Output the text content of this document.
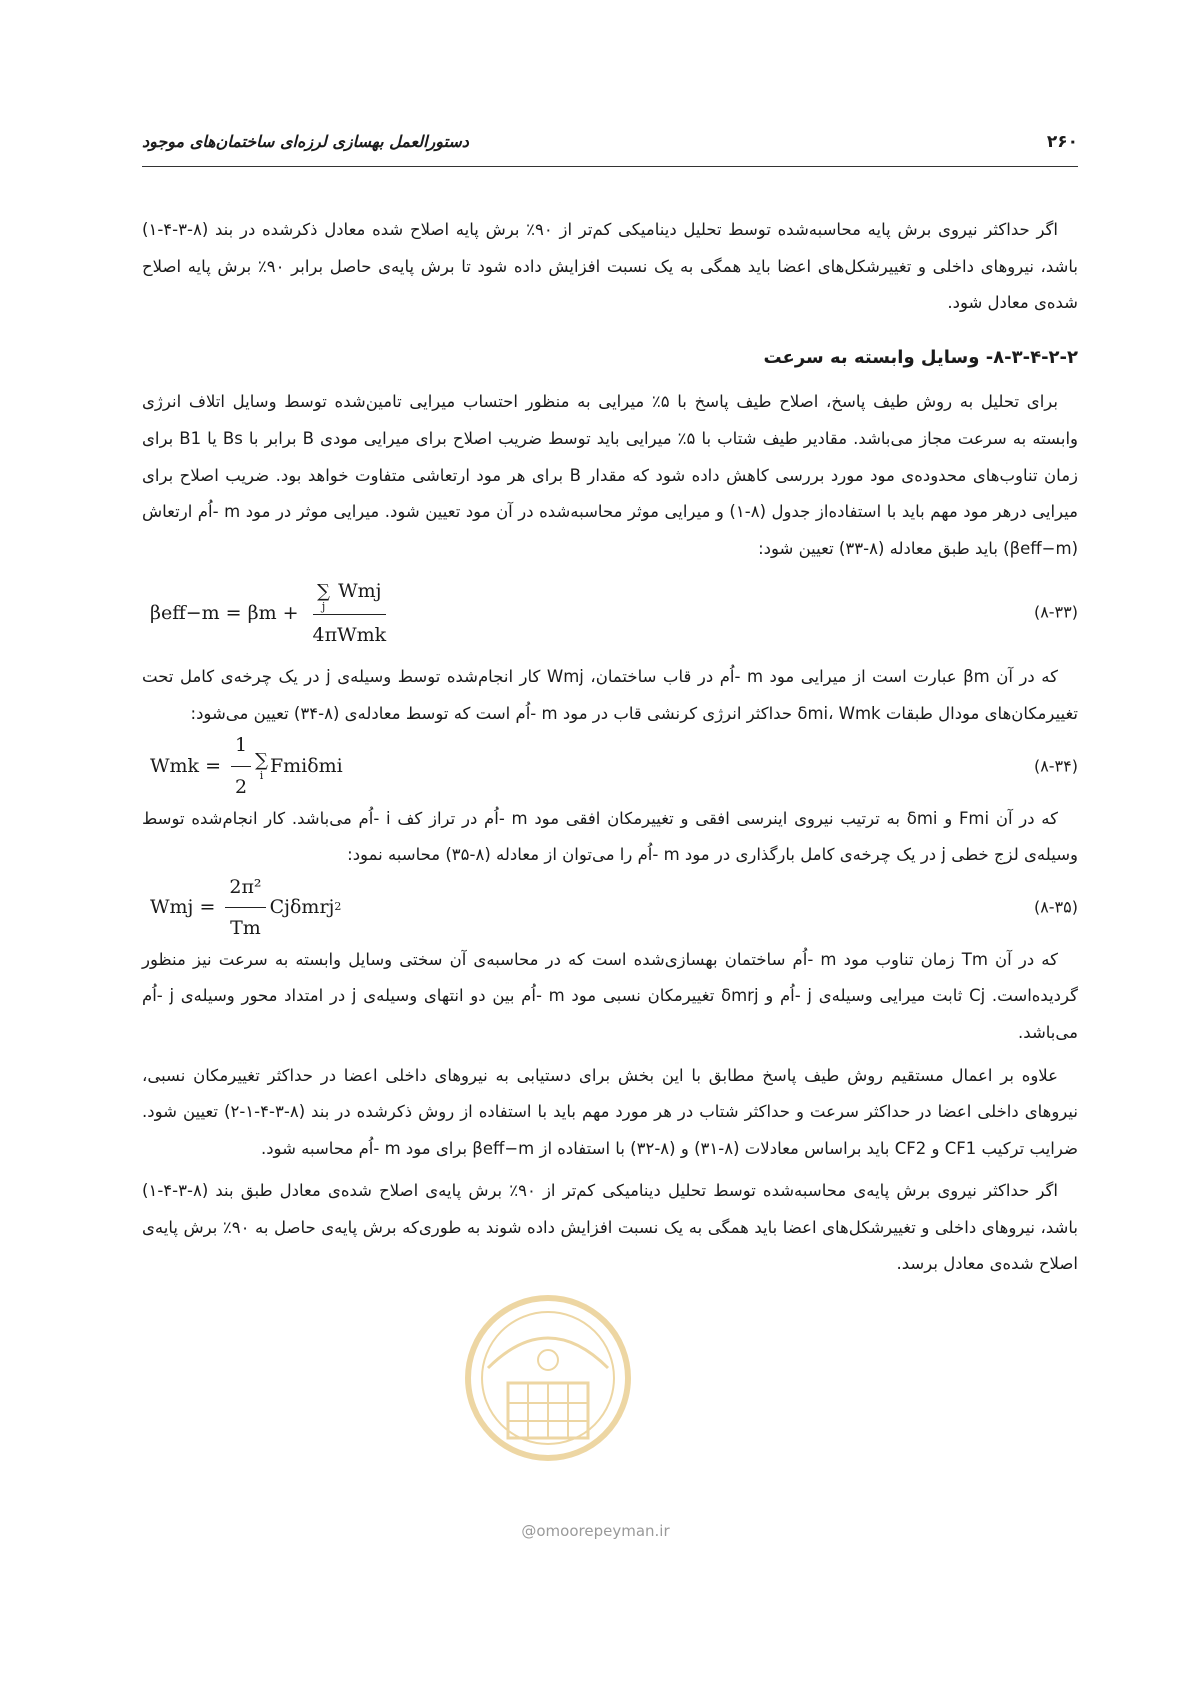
۲۶۰
دستورالعمل بهسازی لرزه‌ای ساختمان‌های موجود

اگر حداکثر نیروی برش پایه محاسبه‌شده توسط تحلیل دینامیکی کم‌تر از ۹۰٪ برش پایه اصلاح شده معادل ذکرشده در بند (۸-۳-۴-۱) باشد، نیروهای داخلی و تغییرشکل‌های اعضا باید همگی به یک نسبت افزایش داده شود تا برش پایه‌ی حاصل برابر ۹۰٪ برش پایه اصلاح شده‌ی معادل شود.

۸-۳-۴-۲-۲- وسایل وابسته به سرعت

برای تحلیل به روش طیف پاسخ، اصلاح طیف پاسخ با ۵٪ میرایی به منظور احتساب میرایی تامین‌شده توسط وسایل اتلاف انرژی وابسته به سرعت مجاز می‌باشد. مقادیر طیف شتاب با ۵٪ میرایی باید توسط ضریب اصلاح برای میرایی مودی B برابر با Bs یا B1 برای زمان تناوب‌های محدوده‌ی مود مورد بررسی کاهش داده شود که مقدار B برای هر مود ارتعاشی متفاوت خواهد بود. ضریب اصلاح برای میرایی درهر مود مهم باید با استفاده‌از جدول (۸-۱) و میرایی موثر محاسبه‌شده در آن مود تعیین شود. میرایی موثر در مود m -اُم ارتعاش (βeff−m) باید طبق معادله (۸-۳۳) تعیین شود:

βeff−m = βm + ∑
j
Wmj
4πWmk	(۸-۳۳)

که در آن βm عبارت است از میرایی مود m -اُم در قاب ساختمان، Wmj کار انجام‌شده توسط وسیله‌ی j در یک چرخه‌ی کامل تحت تغییرمکان‌های مودال طبقات δmi، Wmk حداکثر انرژی کرنشی قاب در مود m -اُم است که توسط معادله‌ی (۸-۳۴) تعیین می‌شود:

Wmk = $\frac{1}{2}$ ∑
i Fmiδmi	(۸-۳۴)

که در آن Fmi و δmi به ترتیب نیروی اینرسی افقی و تغییرمکان افقی مود m -اُم در تراز کف i -اُم می‌باشد. کار انجام‌شده توسط وسیله‌ی لزج خطی j در یک چرخه‌ی کامل بارگذاری در مود m -اُم را می‌توان از معادله (۸-۳۵) محاسبه نمود:

Wmj = $\frac{\text{2π²}}{Tm}$ Cjδmrj 2	(۸-۳۵)

که در آن Tm زمان تناوب مود m -اُم ساختمان بهسازی‌شده است که در محاسبه‌ی آن سختی وسایل وابسته به سرعت نیز منظور گردیده‌است. Cj ثابت میرایی وسیله‌ی j -اُم و δmrj تغییرمکان نسبی مود m -اُم بین دو انتهای وسیله‌ی j در امتداد محور وسیله‌ی j -اُم می‌باشد.

علاوه بر اعمال مستقیم روش طیف پاسخ مطابق با این بخش برای دستیابی به نیروهای داخلی اعضا در حداکثر تغییرمکان نسبی، نیروهای داخلی اعضا در حداکثر سرعت و حداکثر شتاب در هر مورد مهم باید با استفاده از روش ذکرشده در بند (۸-۳-۴-۱-۲) تعیین شود. ضرایب ترکیب CF1 و CF2 باید براساس معادلات (۸-۳۱) و (۸-۳۲) با استفاده از βeff−m برای مود m -اُم محاسبه شود.

اگر حداکثر نیروی برش پایه‌ی محاسبه‌شده توسط تحلیل دینامیکی کم‌تر از ۹۰٪ برش پایه‌ی اصلاح شده‌ی معادل طبق بند (۸-۳-۴-۱) باشد، نیروهای داخلی و تغییرشکل‌های اعضا باید همگی به یک نسبت افزایش داده شوند به طوری‌که برش پایه‌ی حاصل به ۹۰٪ برش پایه‌ی اصلاح شده‌ی معادل برسد.

@omoorepeyman.ir
